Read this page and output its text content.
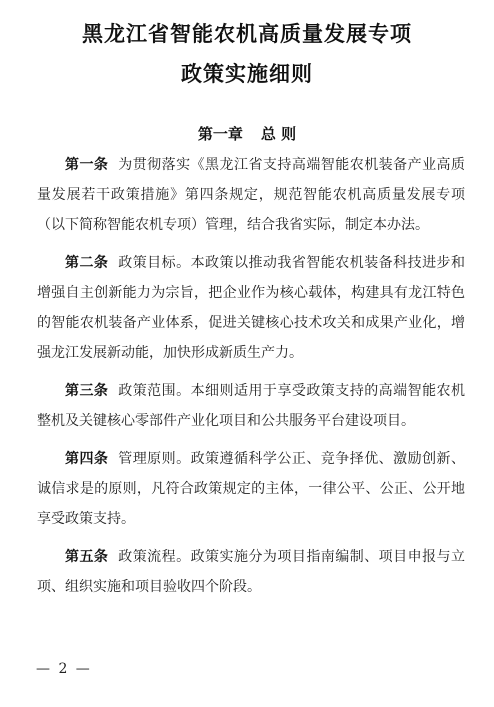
黑龙江省智能农机高质量发展专项
政策实施细则
第一章 总 则

第一条 为贯彻落实《黑龙江省支持高端智能农机装备产业高质量发展若干政策措施》第四条规定，规范智能农机高质量发展专项（以下简称智能农机专项）管理，结合我省实际，制定本办法。

第二条 政策目标。本政策以推动我省智能农机装备科技进步和增强自主创新能力为宗旨，把企业作为核心载体，构建具有龙江特色的智能农机装备产业体系，促进关键核心技术攻关和成果产业化，增强龙江发展新动能，加快形成新质生产力。

第三条 政策范围。本细则适用于享受政策支持的高端智能农机整机及关键核心零部件产业化项目和公共服务平台建设项目。

第四条 管理原则。政策遵循科学公正、竞争择优、激励创新、诚信求是的原则，凡符合政策规定的主体，一律公平、公正、公开地享受政策支持。

第五条 政策流程。政策实施分为项目指南编制、项目申报与立项、组织实施和项目验收四个阶段。

— 2 —
